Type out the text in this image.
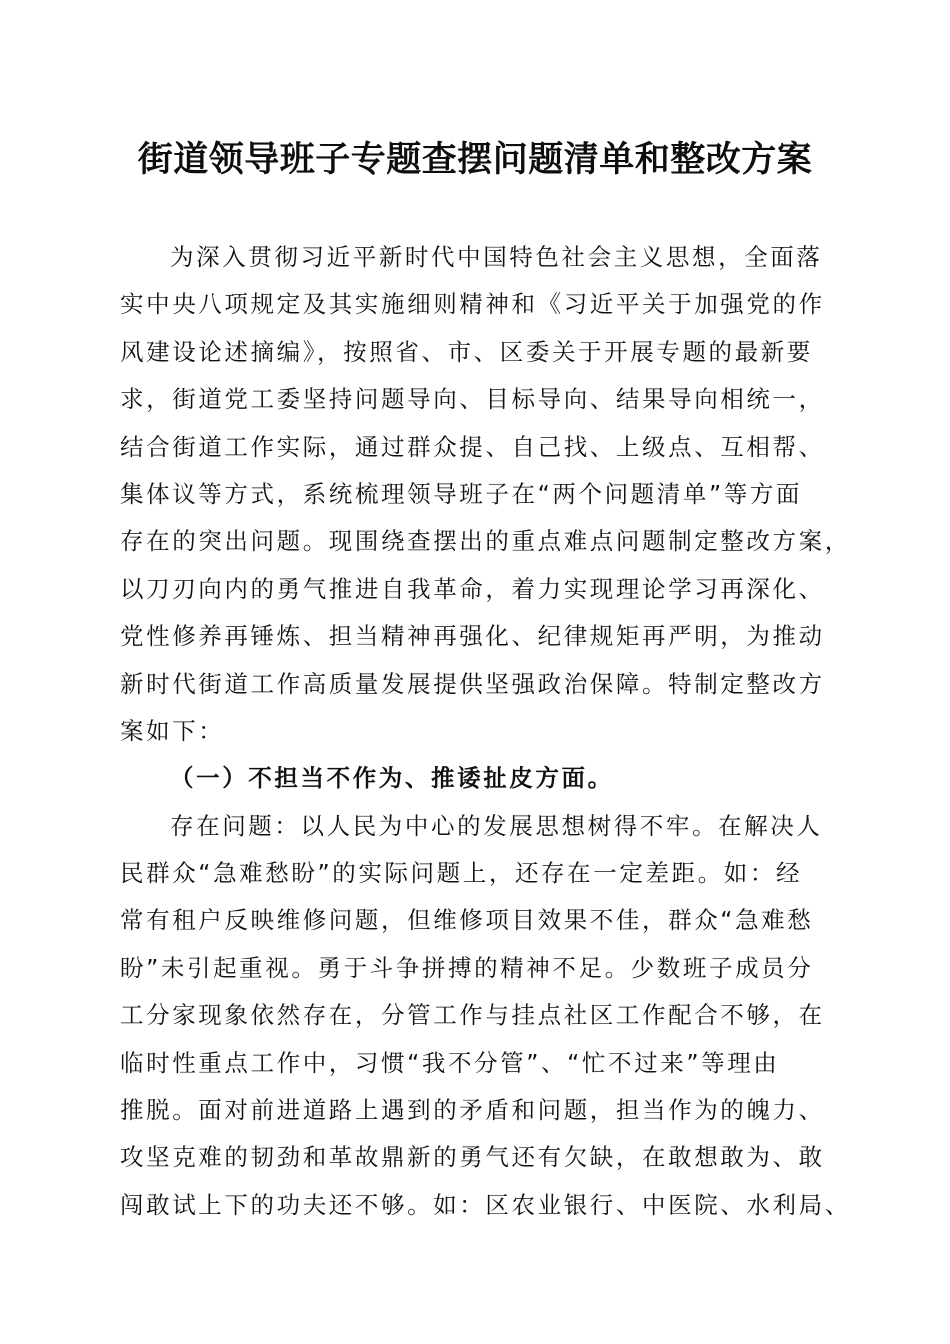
街道领导班子专题查摆问题清单和整改方案
为深入贯彻习近平新时代中国特色社会主义思想，全面落
实中央八项规定及其实施细则精神和《习近平关于加强党的作
风建设论述摘编》，按照省、市、区委关于开展专题的最新要
求，街道党工委坚持问题导向、目标导向、结果导向相统一，
结合街道工作实际，通过群众提、自己找、上级点、互相帮、
集体议等方式，系统梳理领导班子在“两个问题清单”等方面
存在的突出问题。现围绕查摆出的重点难点问题制定整改方案，
以刀刃向内的勇气推进自我革命，着力实现理论学习再深化、
党性修养再锤炼、担当精神再强化、纪律规矩再严明，为推动
新时代街道工作高质量发展提供坚强政治保障。特制定整改方
案如下：
（一）不担当不作为、推诿扯皮方面。
存在问题：以人民为中心的发展思想树得不牢。在解决人
民群众“急难愁盼”的实际问题上，还存在一定差距。如：经
常有租户反映维修问题，但维修项目效果不佳，群众“急难愁
盼”未引起重视。勇于斗争拼搏的精神不足。少数班子成员分
工分家现象依然存在，分管工作与挂点社区工作配合不够，在
临时性重点工作中，习惯“我不分管”、“忙不过来”等理由
推脱。面对前进道路上遇到的矛盾和问题，担当作为的魄力、
攻坚克难的韧劲和革故鼎新的勇气还有欠缺，在敢想敢为、敢
闯敢试上下的功夫还不够。如：区农业银行、中医院、水利局、
